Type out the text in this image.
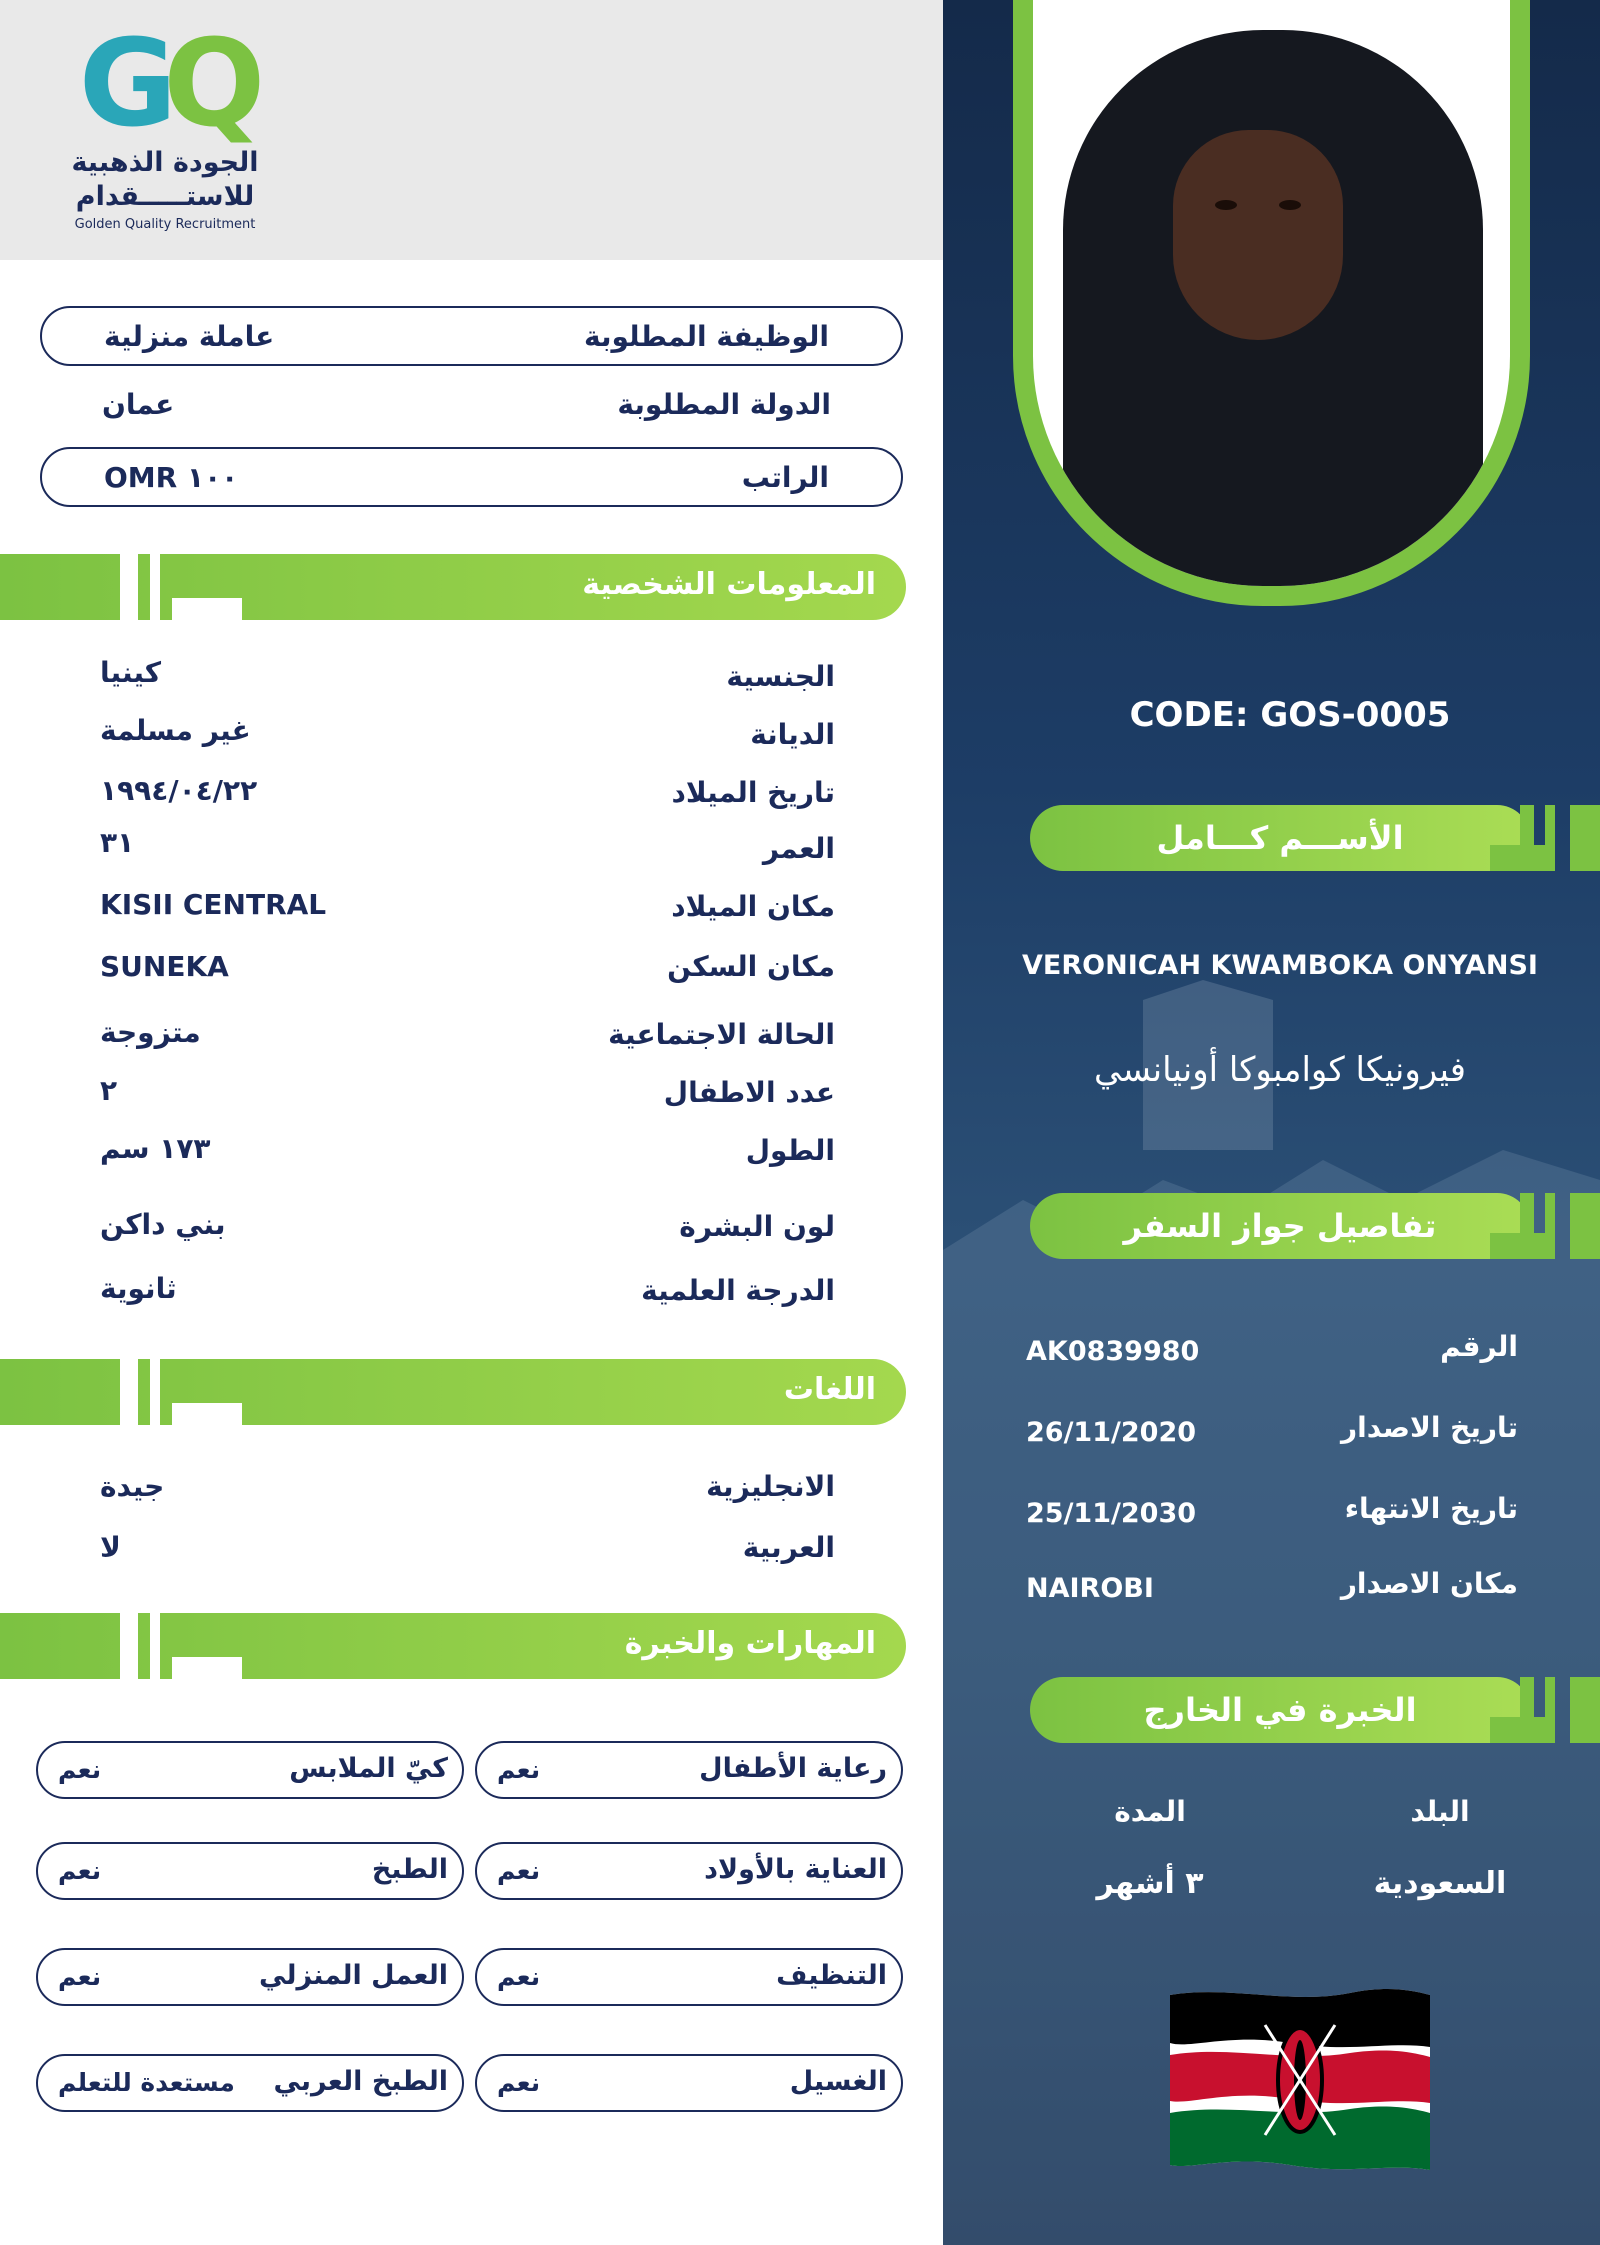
GQ
الجودة الذهبية
للاستـــــقدام
Golden Quality Recruitment
الوظيفة المطلوبة
عاملة منزلية
الدولة المطلوبة
عمان
الراتب
OMR ١٠٠
المعلومات الشخصية
الجنسية
كينيا
الديانة
غير مسلمة
تاريخ الميلاد
١٩٩٤/٠٤/٢٢
العمر
٣١
مكان الميلاد
KISII CENTRAL
مكان السكن
SUNEKA
الحالة الاجتماعية
متزوجة
عدد الاطفال
٢
الطول
١٧٣ سم
لون البشرة
بني داكن
الدرجة العلمية
ثانوية
اللغات
الانجليزية
جيدة
العربية
لا
المهارات والخبرة
رعاية الأطفال
نعم
كيّ الملابس
نعم
العناية بالأولاد
نعم
الطبخ
نعم
التنظيف
نعم
العمل المنزلي
نعم
الغسيل
نعم
الطبخ العربي
مستعدة للتعلم
CODE: GOS-0005
الأســـم كـــامل
VERONICAH KWAMBOKA ONYANSI
فيرونيكا كوامبوكا أونيانسي
تفاصيل جواز السفر
الرقم
AK0839980
تاريخ الاصدار
26/11/2020
تاريخ الانتهاء
25/11/2030
مكان الاصدار
NAIROBI
الخبرة في الخارج
البلد
المدة
السعودية
٣ أشهر
